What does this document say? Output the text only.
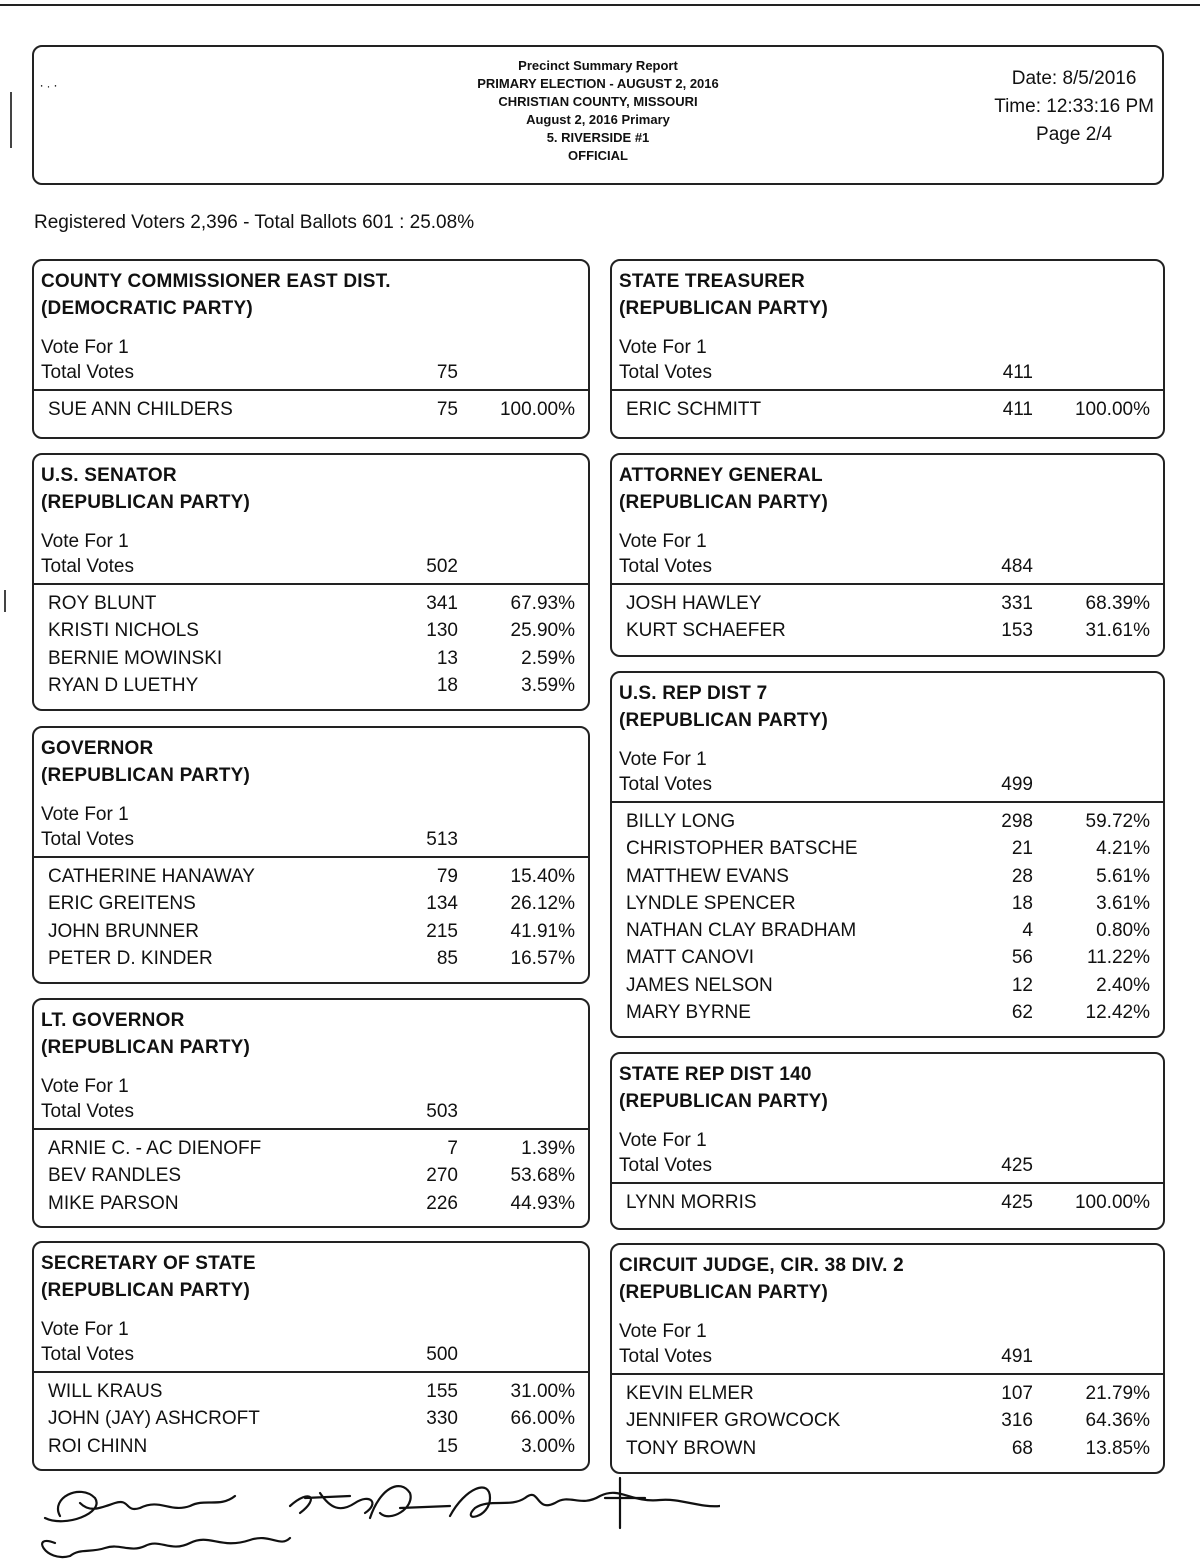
⸱ · ⸱
Precinct Summary Report
PRIMARY ELECTION - AUGUST 2, 2016
CHRISTIAN COUNTY, MISSOURI
August 2, 2016 Primary
5. RIVERSIDE #1
OFFICIAL
Date: 8/5/2016
Time: 12:33:16 PM
Page 2/4
Registered Voters 2,396 - Total Ballots 601 : 25.08%
COUNTY COMMISSIONER EAST DIST.
(DEMOCRATIC PARTY)
Vote For 1
Total Votes	75
SUE ANN CHILDERS	75 100.00%
U.S. SENATOR
(REPUBLICAN PARTY)
Vote For 1
Total Votes	502
ROY BLUNT	341	67.93%
KRISTI NICHOLS	130	25.90%
BERNIE MOWINSKI	13	2.59%
RYAN D LUETHY	18	3.59%
GOVERNOR
(REPUBLICAN PARTY)
Vote For 1
Total Votes	513
CATHERINE HANAWAY	79	15.40%
ERIC GREITENS	134	26.12%
JOHN BRUNNER	215	41.91%
PETER D. KINDER	85	16.57%
LT. GOVERNOR
(REPUBLICAN PARTY)
Vote For 1
Total Votes	503
ARNIE C. - AC DIENOFF	7	1.39%
BEV RANDLES	270	53.68%
MIKE PARSON	226	44.93%
SECRETARY OF STATE
(REPUBLICAN PARTY)
Vote For 1
Total Votes	500
WILL KRAUS	155	31.00%
JOHN (JAY) ASHCROFT	330	66.00%
ROI CHINN	15	3.00%
STATE TREASURER
(REPUBLICAN PARTY)
Vote For 1
Total Votes	411
ERIC SCHMITT	411 100.00%
ATTORNEY GENERAL
(REPUBLICAN PARTY)
Vote For 1
Total Votes	484
JOSH HAWLEY	331	68.39%
KURT SCHAEFER	153	31.61%
U.S. REP DIST 7
(REPUBLICAN PARTY)
Vote For 1
Total Votes	499
BILLY LONG	298	59.72%
CHRISTOPHER BATSCHE	21	4.21%
MATTHEW EVANS	28	5.61%
LYNDLE SPENCER	18	3.61%
NATHAN CLAY BRADHAM	4	0.80%
MATT CANOVI	56	11.22%
JAMES NELSON	12	2.40%
MARY BYRNE	62	12.42%
STATE REP DIST 140
(REPUBLICAN PARTY)
Vote For 1
Total Votes	425
LYNN MORRIS	425 100.00%
CIRCUIT JUDGE, CIR. 38 DIV. 2
(REPUBLICAN PARTY)
Vote For 1
Total Votes	491
KEVIN ELMER	107	21.79%
JENNIFER GROWCOCK	316	64.36%
TONY BROWN	68	13.85%
